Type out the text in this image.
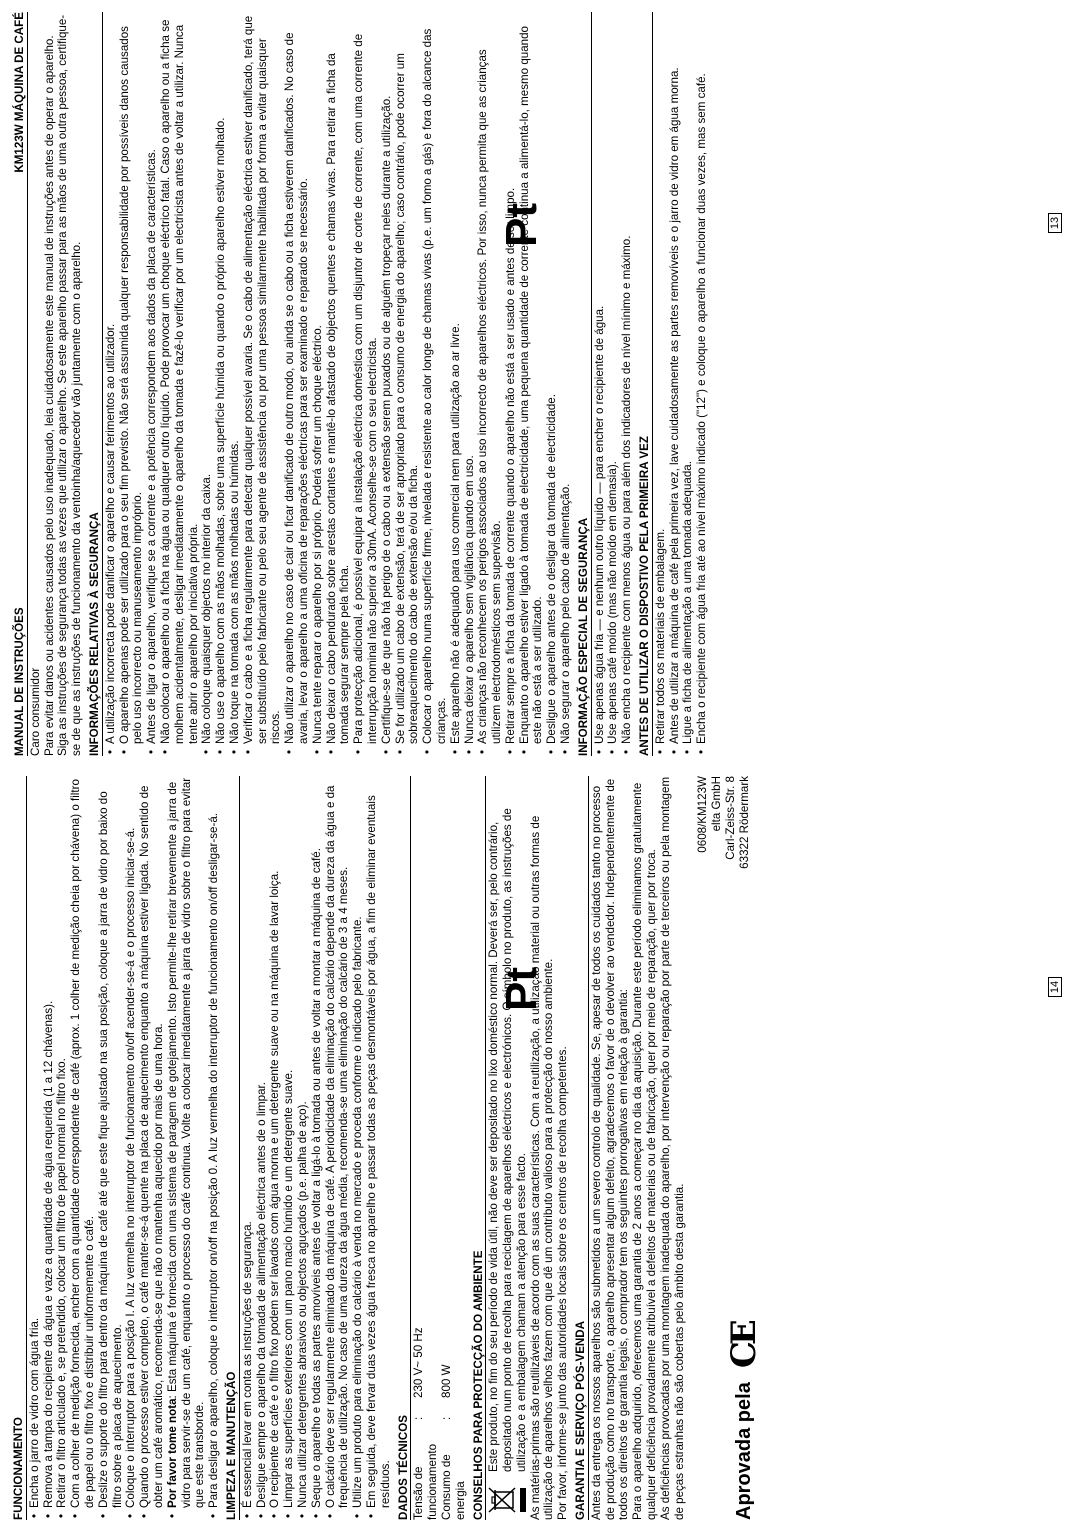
Pt
MANUAL DE INSTRUÇÕES
KM123W MÁQUINA DE CAFÉ

Caro consumidor Para evitar danos ou acidentes causados pelo uso inadequado, leia cuidadosamente este manual de instruções antes de operar o aparelho. Siga as instruções de segurança todas as vezes que utilizar o aparelho. Se este aparelho passar para as mãos de uma outra pessoa, certifique-se de que as instruções de funcionamento da ventoinha/aquecedor vão juntamente com o aparelho. INFORMAÇÕES RELATIVAS À SEGURANÇA • A utilização incorrecta pode danificar o aparelho e causar ferimentos ao utilizador. • O aparelho apenas pode ser utilizado para o seu fim previsto. Não será assumida qualquer responsabilidade por possíveis danos causados pelo uso incorrecto ou manuseamento impróprio. • Antes de ligar o aparelho, verifique se a corrente e a potência correspondem aos dados da placa de características. • Não colocar o aparelho ou a ficha na água ou qualquer outro líquido. Pode provocar um choque eléctrico fatal. Caso o aparelho ou a ficha se molhem acidentalmente, desligar imediatamente o aparelho da tomada e fazê-lo verificar por um electricista antes de voltar a utilizar. Nunca tente abrir o aparelho por iniciativa própria. • Não coloque quaisquer objectos no interior da caixa. • Não use o aparelho com as mãos molhadas, sobre uma superfície húmida ou quando o próprio aparelho estiver molhado. • Não toque na tomada com as mãos molhadas ou húmidas. • Verificar o cabo e a ficha regularmente para detectar qualquer possível avaria. Se o cabo de alimentação eléctrica estiver danificado, terá que ser substituído pelo fabricante ou pelo seu agente de assistência ou por uma pessoa similarmente habilitada por forma a evitar quaisquer riscos. • Não utilizar o aparelho no caso de cair ou ficar danificado de outro modo, ou ainda se o cabo ou a ficha estiverem danificados. No caso de avaria, levar o aparelho a uma oficina de reparações eléctricas para ser examinado e reparado se necessário. • Nunca tente reparar o aparelho por si próprio. Poderá sofrer um choque eléctrico. • Não deixar o cabo pendurado sobre arestas cortantes e mantê-lo afastado de objectos quentes e chamas vivas. Para retirar a ficha da tomada segurar sempre pela ficha. • Para protecção adicional, é possível equipar a instalação eléctrica doméstica com um disjuntor de corte de corrente, com uma corrente de interrupção nominal não superior a 30mA. Aconselhe-se com o seu electricista. • Certifique-se de que não há perigo de o cabo ou a extensão serem puxados ou de alguém tropeçar neles durante a utilização. • Se for utilizado um cabo de extensão, terá de ser apropriado para o consumo de energia do aparelho; caso contrário, pode ocorrer um sobreaquecimento do cabo de extensão e/ou da ficha. • Colocar o aparelho numa superfície firme, nivelada e resistente ao calor longe de chamas vivas (p.e. um fomo a gás) e fora do alcance das crianças. • Este aparelho não é adequado para uso comercial nem para utilização ao ar livre. • Nunca deixar o aparelho sem vigilância quando em uso. • As crianças não reconhecem os perigos associados ao uso incorrecto de aparelhos eléctricos. Por isso, nunca permita que as crianças utilizem electrodomésticos sem supervisão. • Retirar sempre a ficha da tomada de corrente quando o aparelho não está a ser usado e antes de ser limpo. • Enquanto o aparelho estiver ligado à tomada de electricidade, uma pequena quantidade de corrente continua a alimentá-lo, mesmo quando este não está a ser utilizado. • Desligue o aparelho antes de o desligar da tomada de electricidade. • Não segurar o aparelho pelo cabo de alimentação. INFORMAÇÃO ESPECIAL DE SEGURANÇA • Use apenas água fria — e nenhum outro líquido — para encher o recipiente de água. • Use apenas café moído (mas não moído em demasia). • Não encha o recipiente com menos água ou para além dos indicadores de nível mínimo e máximo. ANTES DE UTILIZAR O DISPOSTIVO PELA PRIMEIRA VEZ • Retirar todos os materiais de embalagem. • Antes de utilizar a máquina de café pela primeira vez, lave cuidadosamente as partes removíveis e o jarro de vidro em água morna. • Ligue a ficha de alimentação a uma tomada adequada. • Encha o recipiente com água fria até ao nível máximo indicado ("12") e coloque o aparelho a funcionar duas vezes, mas sem café.	13
Pt
FUNCIONAMENTO • Encha o jarro de vidro com água fria. • Remova a tampa do recipiente da água e vaze a quantidade de água requerida (1 a 12 chávenas). • Retirar o filtro articulado e, se pretendido, colocar um filtro de papel normal no filtro fixo. • Com a colher de medição fornecida, encher com a quantidade correspondente de café (aprox. 1 colher de medição cheia por chávena) o filtro de papel ou o filtro fixo e distribuir uniformemente o café. • Deslize o suporte do filtro para dentro da máquina de café até que este fique ajustado na sua posição, coloque a jarra de vidro por baixo do filtro sobre a placa de aquecimento. • Coloque o interruptor para a posição I. A luz vermelha no interruptor de funcionamento on/off acender-se-á e o processo iniciar-se-á. • Quando o processo estiver completo, o café manter-se-á quente na placa de aquecimento enquanto a máquina estiver ligada. No sentido de obter um café aromático, recomenda-se que não o mantenha aquecido por mais de uma hora. • Por favor tome nota: Esta máquina é fornecida com uma sistema de paragem de gotejamento. Isto permite-lhe retirar brevemente a jarra de vidro para servir-se de um café, enquanto o processo do café continua. Volte a colocar imediatamente a jarra de vidro sobre o filtro para evitar que este transborde. • Para desligar o aparelho, coloque o interruptor on/off na posição 0. A luz vermelha do interruptor de funcionamento on/off desligar-se-á. LIMPEZA E MANUTENÇÃO • É essencial levar em conta as instruções de segurança. • Desligue sempre o aparelho da tomada de alimentação eléctrica antes de o limpar. • O recipiente de café e o filtro fixo podem ser lavados com água morna e um detergente suave ou na máquina de lavar loiça. • Limpar as superfícies exteriores com um pano macio húmido e um detergente suave. • Nunca utilizar detergentes abrasivos ou objectos aguçados (p.e. palha de aço). • Seque o aparelho e todas as partes amovíveis antes de voltar a ligá-lo à tomada ou antes de voltar a montar a máquina de café. • O calcário deve ser regularmente eliminado da máquina de café. A periodicidade da eliminação do calcário depende da dureza da água e da frequência de utilização. No caso de uma dureza da água média, recomenda-se uma eliminação do calcário de 3 a 4 meses. • Utilize um produto para eliminação do calcário à venda no mercado e proceda conforme o indicado pelo fabricante. • Em seguida, deve fervar duas vezes água fresca no aparelho e passar todas as peças desmontáveis por água, a fim de eliminar eventuais resíduos. DADOS TÉCNICOS Tensão de funcionamento
:
230 V~ 50 Hz
Consumo de energia
:
800 W	CONSELHOS PARA PROTECÇÃO DO AMBIENTE Este produto, no fim do seu período de vida útil, não deve ser depositado no lixo doméstico normal. Deverá ser, pelo contrário, depositado num ponto de recolha para reciclagem de aparelhos eléctricos e electrónicos. O símbolo no produto, as instruções de utilização e a embalagem chamam a atenção para esse facto. As matérias-primas são reutilizáveis de acordo com as suas características. Com a reutilização, a utilização material ou outras formas de utilização de aparelhos velhos fazem com que dê um contributo valioso para a protecção do nosso ambiente. Por favor, informe-se junto das autoridades locais sobre os centros de recolha competentes. GARANTIA E SERVIÇO PÓS-VENDA Antes da entrega os nossos aparelhos são submetidos a um severo controlo de qualidade. Se, apesar de todos os cuidados tanto no processo de produção como no transporte, o aparelho apresentar algum defeito, agradecemos o favor de o devolver ao vendedor. Independentemente de todos os direitos de garantia legais, o comprador tem os seguintes prorrogativas em relação à garantia: Para o aparelho adquirido, oferecemos uma garantia de 2 anos a começar no dia da aquisição. Durante este período eliminamos gratuitamente qualquer deficiência provadamente atribuível a defeitos de materiais ou de fabricação, quer por meio de reparação, quer por troca. As deficiências provocadas por uma montagem inadequada do aparelho, por intervenção ou reparação por parte de terceiros ou pela montagem de peças estranhas não são cobertas pelo âmbito desta garantia. Aprovada pela
CE
0608/KM123W elta GmbH Carl-Zeiss-Str. 8 63322 Rödermark
14
